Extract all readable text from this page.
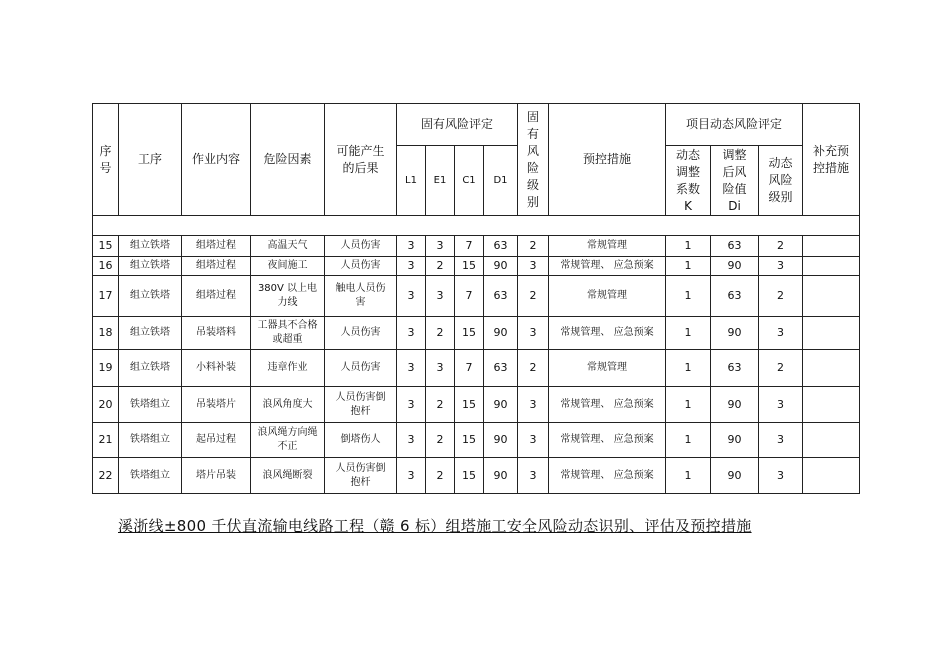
序号	工序	作业内容	危险因素	可能产生的后果	固有风险评定				固有风险级别	预控措施	项目动态风险评定			补充预控措施
					L1	E1	C1	D1			动态调整系数K	调整后风险值Di	动态风险级别	

15	组立铁塔	组塔过程	高温天气	人员伤害	3	3	7	63	2	常规管理	1	63	2	
16	组立铁塔	组塔过程	夜间施工	人员伤害	3	2	15	90	3	常规管理、 应急预案	1	90	3	
17	组立铁塔	组塔过程	380V 以上电力线	触电人员伤害	3	3	7	63	2	常规管理	1	63	2	
18	组立铁塔	吊装塔料	工器具不合格或超重	人员伤害	3	2	15	90	3	常规管理、 应急预案	1	90	3	
19	组立铁塔	小料补装	违章作业	人员伤害	3	3	7	63	2	常规管理	1	63	2	
20	铁塔组立	吊装塔片	浪风角度大	人员伤害倒抱杆	3	2	15	90	3	常规管理、 应急预案	1	90	3	
21	铁塔组立	起吊过程	浪风绳方向绳不正	倒塔伤人	3	2	15	90	3	常规管理、 应急预案	1	90	3	
22	铁塔组立	塔片吊装	浪风绳断裂	人员伤害倒抱杆	3	2	15	90	3	常规管理、 应急预案	1	90	3	
溪浙线±800 千伏直流输电线路工程（赣 6 标）组塔施工安全风险动态识别、评估及预控措施
